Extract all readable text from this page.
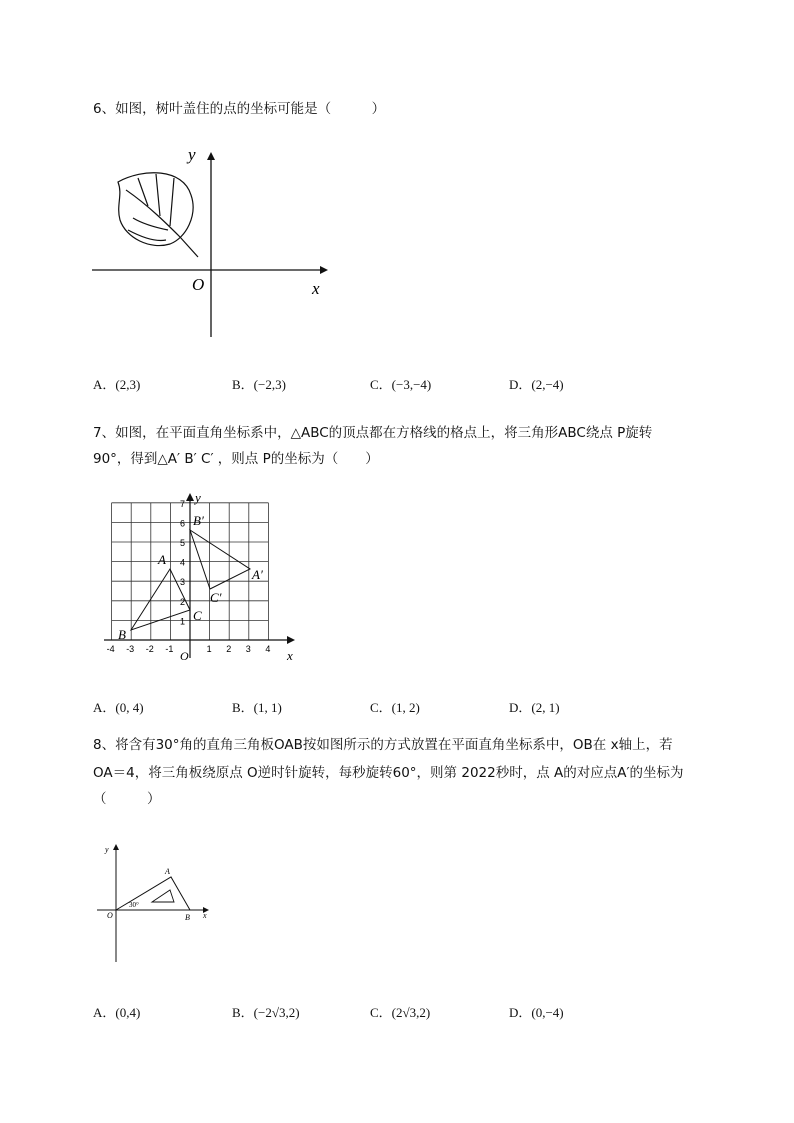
6、如图，树叶盖住的点的坐标可能是（　　　）
y
x
O
A．(2,3)	B．(−2,3)	C．(−3,−4)	D．(2,−4)
7、如图，在平面直角坐标系中，△ABC的顶点都在方格线的格点上，将三角形ABC绕点 P旋转
90°，得到△A′ B′ C′ ，则点 P的坐标为（　　）
-4 -3 -2 -1	1 2 3 4
1
2
3
4
5
6
7
x
y
O
A
B
C
A′
B′
C′
A．(0, 4)	B．(1, 1)	C．(1, 2)	D．(2, 1)
8、将含有30°角的直角三角板OAB按如图所示的方式放置在平面直角坐标系中，OB在 x轴上，若
OA＝4，将三角板绕原点 O逆时针旋转，每秒旋转60°，则第 2022秒时，点 A的对应点A′的坐标为
（　　　）
y
x
O
A
B
30°
A．(0,4)	B．(−2√3,2)	C．(2√3,2)	D．(0,−4)
